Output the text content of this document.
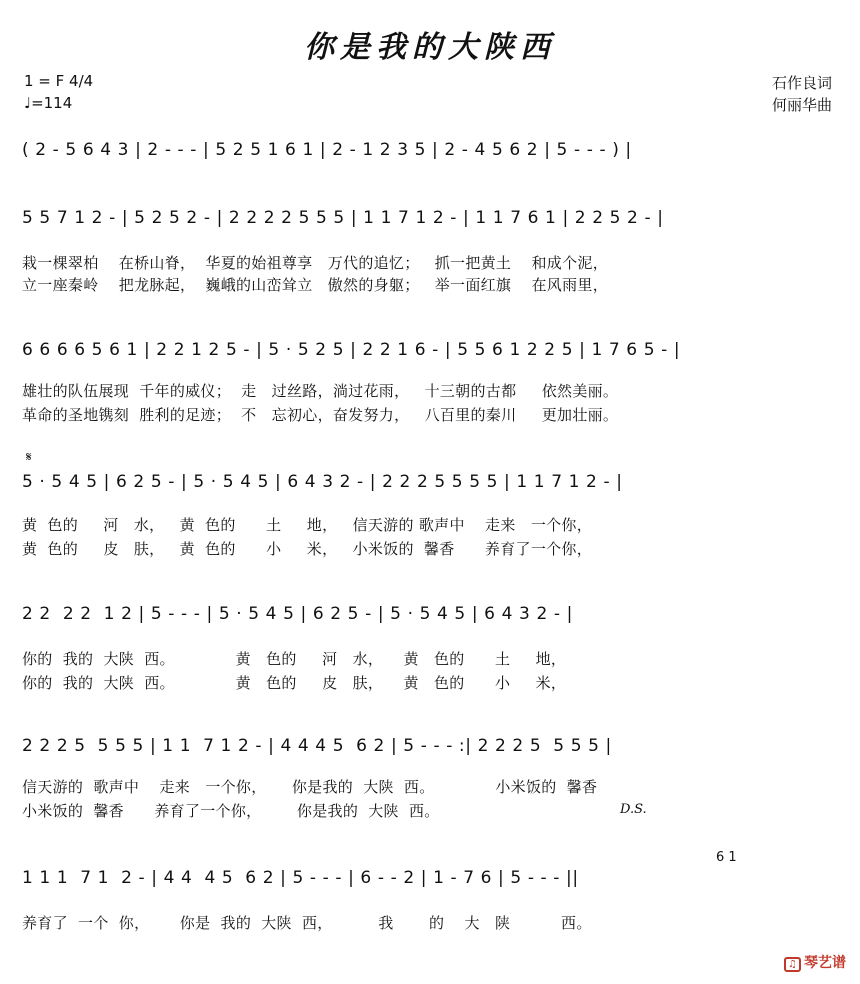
你是我的大陕西
1 = F 4/4
♩=114
石作良词
何丽华曲
( 2 - 5 6 4 3 | 2 - - - | 5 2 5 1 6 1 | 2 - 1 2 3 5 | 2 - 4 5 6 2 | 5 - - - ) |
5 5 7 1 2 - | 5 2 5 2 - | 2 2 2 2 5 5 5 | 1 1 7 1 2 - | 1 1 7 6 1 | 2 2 5 2 - |
栽一棵翠柏    在桥山脊，  华夏的始祖尊享   万代的追忆；   抓一把黄土    和成个泥，
立一座秦岭    把龙脉起，  巍峨的山峦耸立   傲然的身躯；   举一面红旗    在风雨里，
6 6 6 6 5 6 1 | 2 2 1 2 5 - | 5 · 5 2 5 | 2 2 1 6 - | 5 5 6 1 2 2 5 | 1 7 6 5 - |
雄壮的队伍展现  千年的威仪；  走   过丝路，淌过花雨，   十三朝的古都     依然美丽。
革命的圣地镌刻  胜利的足迹；  不   忘初心，奋发努力，   八百里的秦川     更加壮丽。
𝄋
5 · 5 4 5 | 6 2 5 - | 5 · 5 4 5 | 6 4 3 2 - | 2 2 2 5 5 5 5 | 1 1 7 1 2 - |
黄  色的     河   水，   黄  色的      土     地，   信天游的 歌声中    走来   一个你，
黄  色的     皮   肤，   黄  色的      小     米，   小米饭的  馨香      养育了一个你，
2 2  2 2  1 2 | 5 - - - | 5 · 5 4 5 | 6 2 5 - | 5 · 5 4 5 | 6 4 3 2 - |
你的  我的  大陕  西。            黄   色的     河   水，    黄   色的      土     地，
你的  我的  大陕  西。            黄   色的     皮   肤，    黄   色的      小     米，
2 2 2 5  5 5 5 | 1 1  7 1 2 - | 4 4 4 5  6 2 | 5 - - - :| 2 2 2 5  5 5 5 |
信天游的  歌声中    走来   一个你，     你是我的  大陕  西。            小米饭的  馨香
小米饭的  馨香      养育了一个你，       你是我的  大陕  西。	D.S.
6 1
1 1 1  7 1  2 - | 4 4  4 5  6 2 | 5 - - - | 6 - - 2 | 1 - 7 6 | 5 - - - ||
养育了  一个  你，      你是  我的  大陕  西，         我       的    大   陕          西。
♫ 琴艺谱
